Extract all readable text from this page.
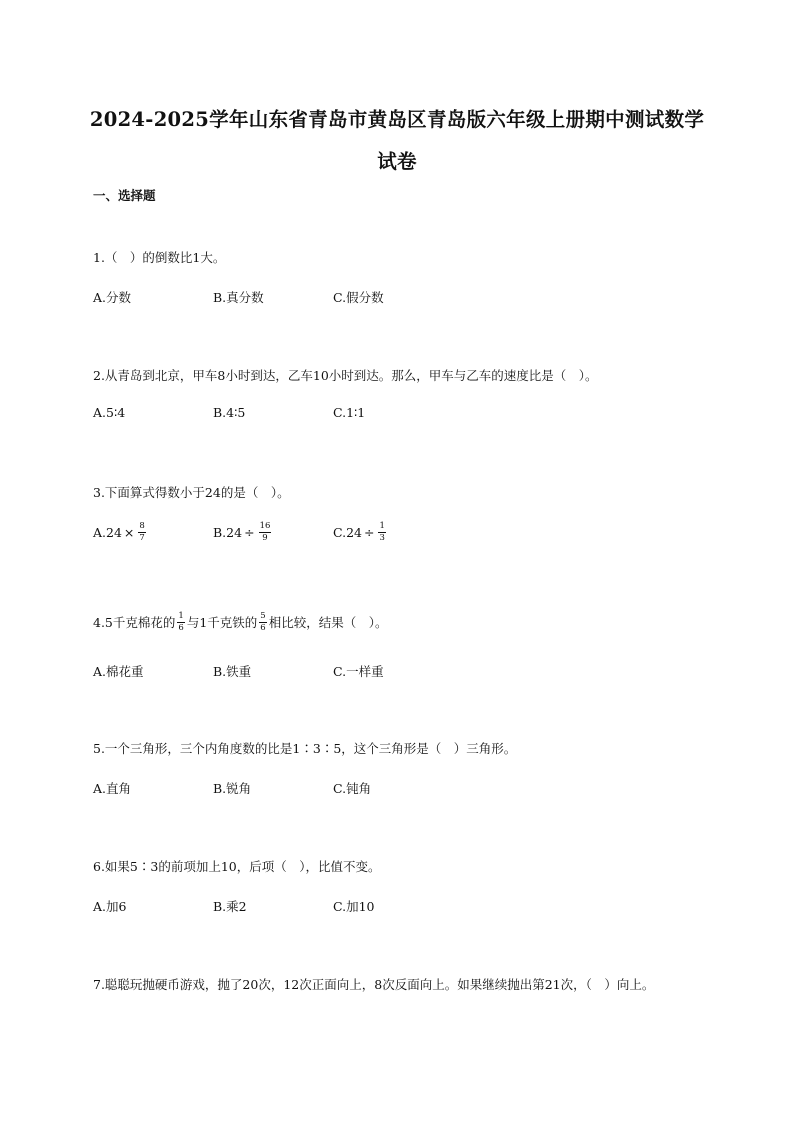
2024-2025学年山东省青岛市黄岛区青岛版六年级上册期中测试数学
试卷
一、选择题
1.（　）的倒数比1大。
A.分数	B.真分数	C.假分数
2.从青岛到北京，甲车8小时到达，乙车10小时到达。那么，甲车与乙车的速度比是（　）。
A.5∶4	B.4∶5	C.1∶1
3.下面算式得数小于24的是（　）。
$A.24 \times \frac{8}{7}$	$B.24 \div \frac{16}{9}$	$C.24 \div \frac{1}{3}$
4.5千克棉花的 $\frac{1}{6}$ 与1千克铁的 $\frac{5}{6}$ 相比较，结果（　）。
A.棉花重	B.铁重	C.一样重
5.一个三角形，三个内角度数的比是1∶3∶5，这个三角形是（　）三角形。
A.直角	B.锐角	C.钝角
6.如果5∶3的前项加上10，后项（　），比值不变。
A.加6	B.乘2	C.加10
7.聪聪玩抛硬币游戏，抛了20次，12次正面向上，8次反面向上。如果继续抛出第21次，（　）向上。
